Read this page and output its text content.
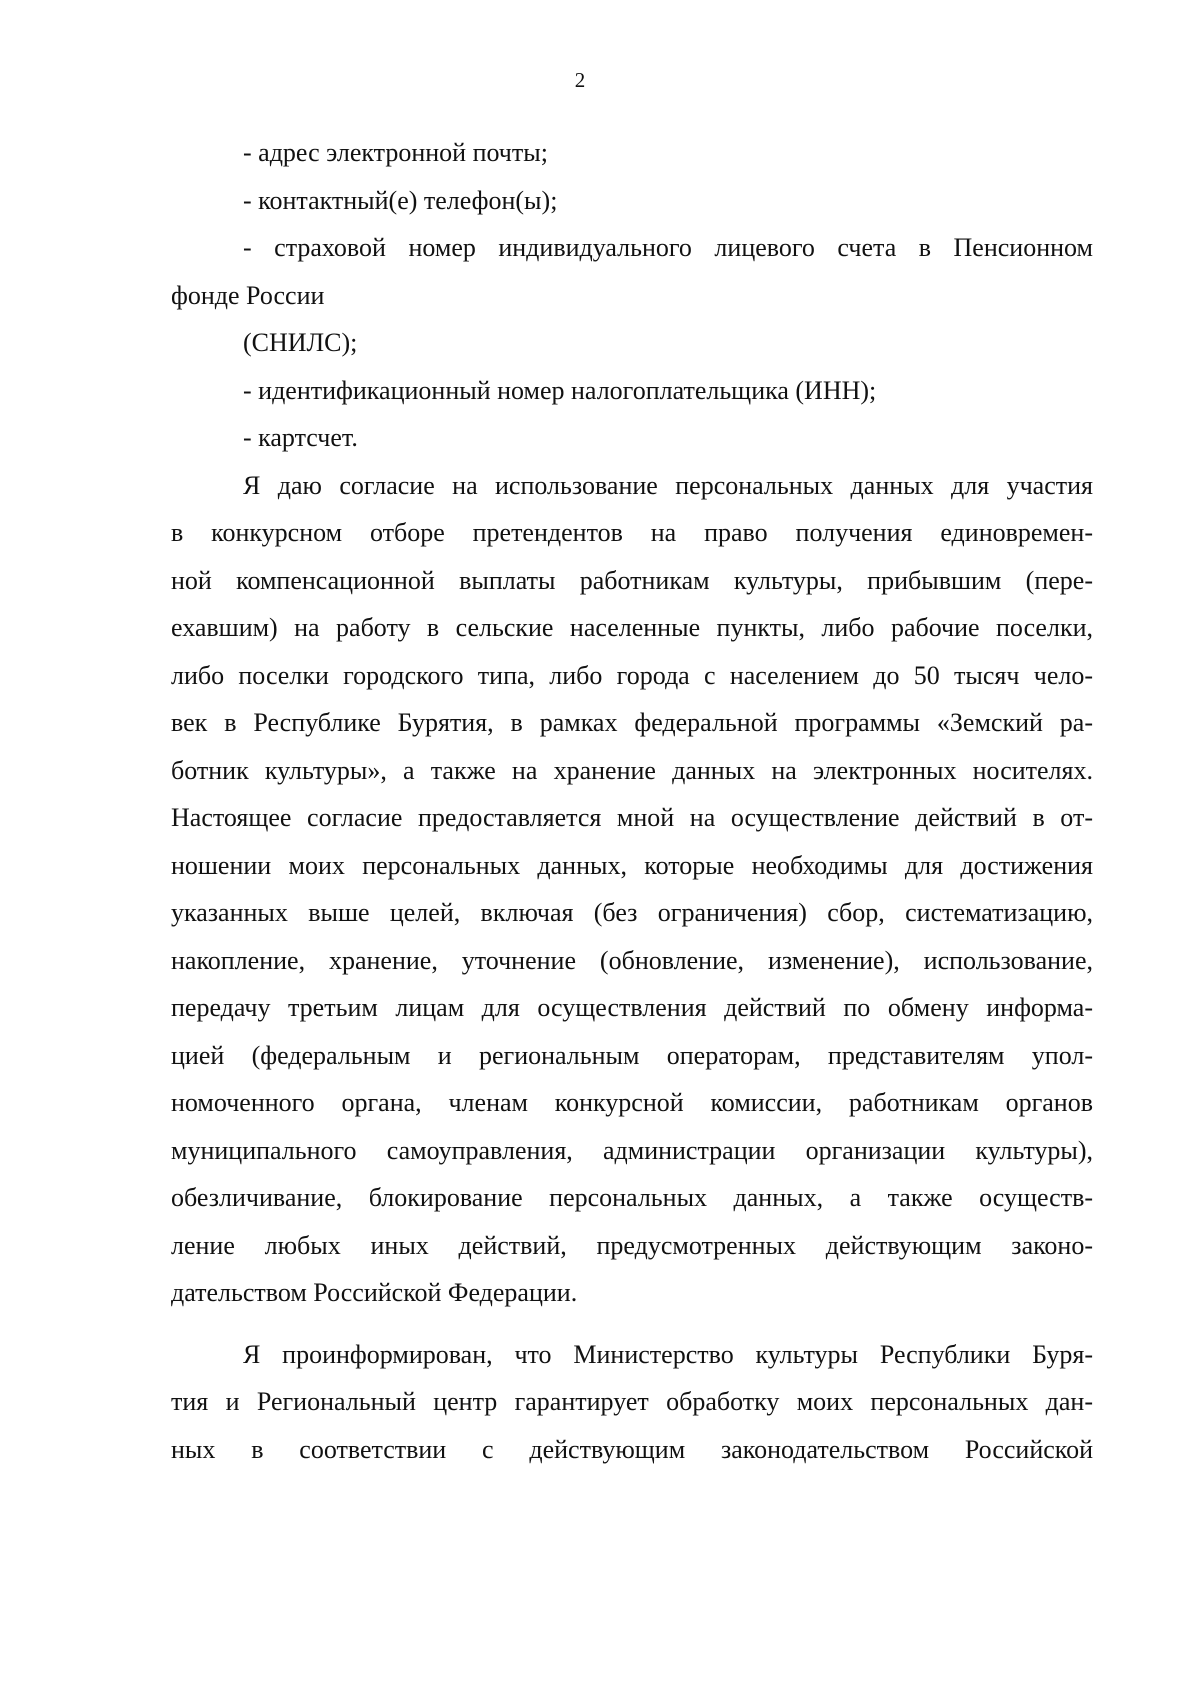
2
- адрес электронной почты;
- контактный(е) телефон(ы);
- страховой номер индивидуального лицевого счета в Пенсионном
фонде России
(СНИЛС);
- идентификационный номер налогоплательщика (ИНН);
- картсчет.
Я даю согласие на использование персональных данных для участия
в конкурсном отборе претендентов на право получения единовремен-
ной компенсационной выплаты работникам культуры, прибывшим (пере-
ехавшим) на работу в сельские населенные пункты, либо рабочие поселки,
либо поселки городского типа, либо города с населением до 50 тысяч чело-
век в Республике Бурятия, в рамках федеральной программы «Земский ра-
ботник культуры», а также на хранение данных на электронных носителях.
Настоящее согласие предоставляется мной на осуществление действий в от-
ношении моих персональных данных, которые необходимы для достижения
указанных выше целей, включая (без ограничения) сбор, систематизацию,
накопление, хранение, уточнение (обновление, изменение), использование,
передачу третьим лицам для осуществления действий по обмену информа-
цией (федеральным и региональным операторам, представителям упол-
номоченного органа, членам конкурсной комиссии, работникам органов
муниципального самоуправления, администрации организации культуры),
обезличивание, блокирование персональных данных, а также осуществ-
ление любых иных действий, предусмотренных действующим законо-
дательством Российской Федерации.
Я проинформирован, что Министерство культуры Республики Буря-
тия и Региональный центр гарантирует обработку моих персональных дан-
ных в соответствии с действующим законодательством Российской
